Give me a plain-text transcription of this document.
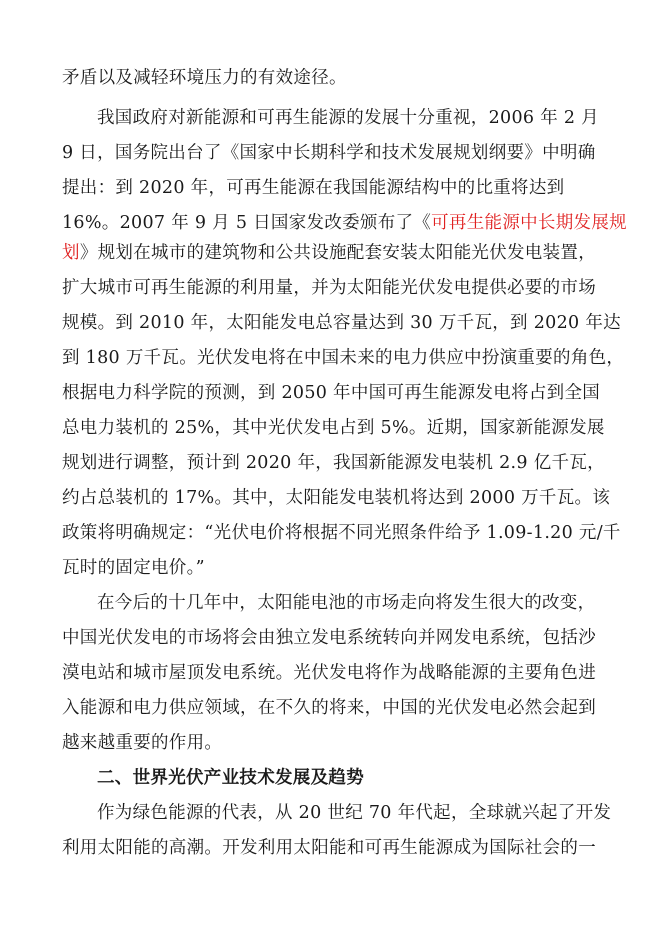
矛盾以及减轻环境压力的有效途径。
我国政府对新能源和可再生能源的发展十分重视，2006 年 2 月
9 日，国务院出台了《国家中长期科学和技术发展规划纲要》中明确
提出：到 2020 年，可再生能源在我国能源结构中的比重将达到
16%。2007 年 9 月 5 日国家发改委颁布了《可再生能源中长期发展规
划》规划在城市的建筑物和公共设施配套安装太阳能光伏发电装置，
扩大城市可再生能源的利用量，并为太阳能光伏发电提供必要的市场
规模。到 2010 年，太阳能发电总容量达到 30 万千瓦，到 2020 年达
到 180 万千瓦。光伏发电将在中国未来的电力供应中扮演重要的角色，
根据电力科学院的预测，到 2050 年中国可再生能源发电将占到全国
总电力装机的 25%，其中光伏发电占到 5%。近期，国家新能源发展
规划进行调整，预计到 2020 年，我国新能源发电装机 2.9 亿千瓦，
约占总装机的 17%。其中，太阳能发电装机将达到 2000 万千瓦。该
政策将明确规定：“光伏电价将根据不同光照条件给予 1.09-1.20 元/千
瓦时的固定电价。”
在今后的十几年中，太阳能电池的市场走向将发生很大的改变，
中国光伏发电的市场将会由独立发电系统转向并网发电系统，包括沙
漠电站和城市屋顶发电系统。光伏发电将作为战略能源的主要角色进
入能源和电力供应领域，在不久的将来，中国的光伏发电必然会起到
越来越重要的作用。
二、世界光伏产业技术发展及趋势
作为绿色能源的代表，从 20 世纪 70 年代起，全球就兴起了开发
利用太阳能的高潮。开发利用太阳能和可再生能源成为国际社会的一
